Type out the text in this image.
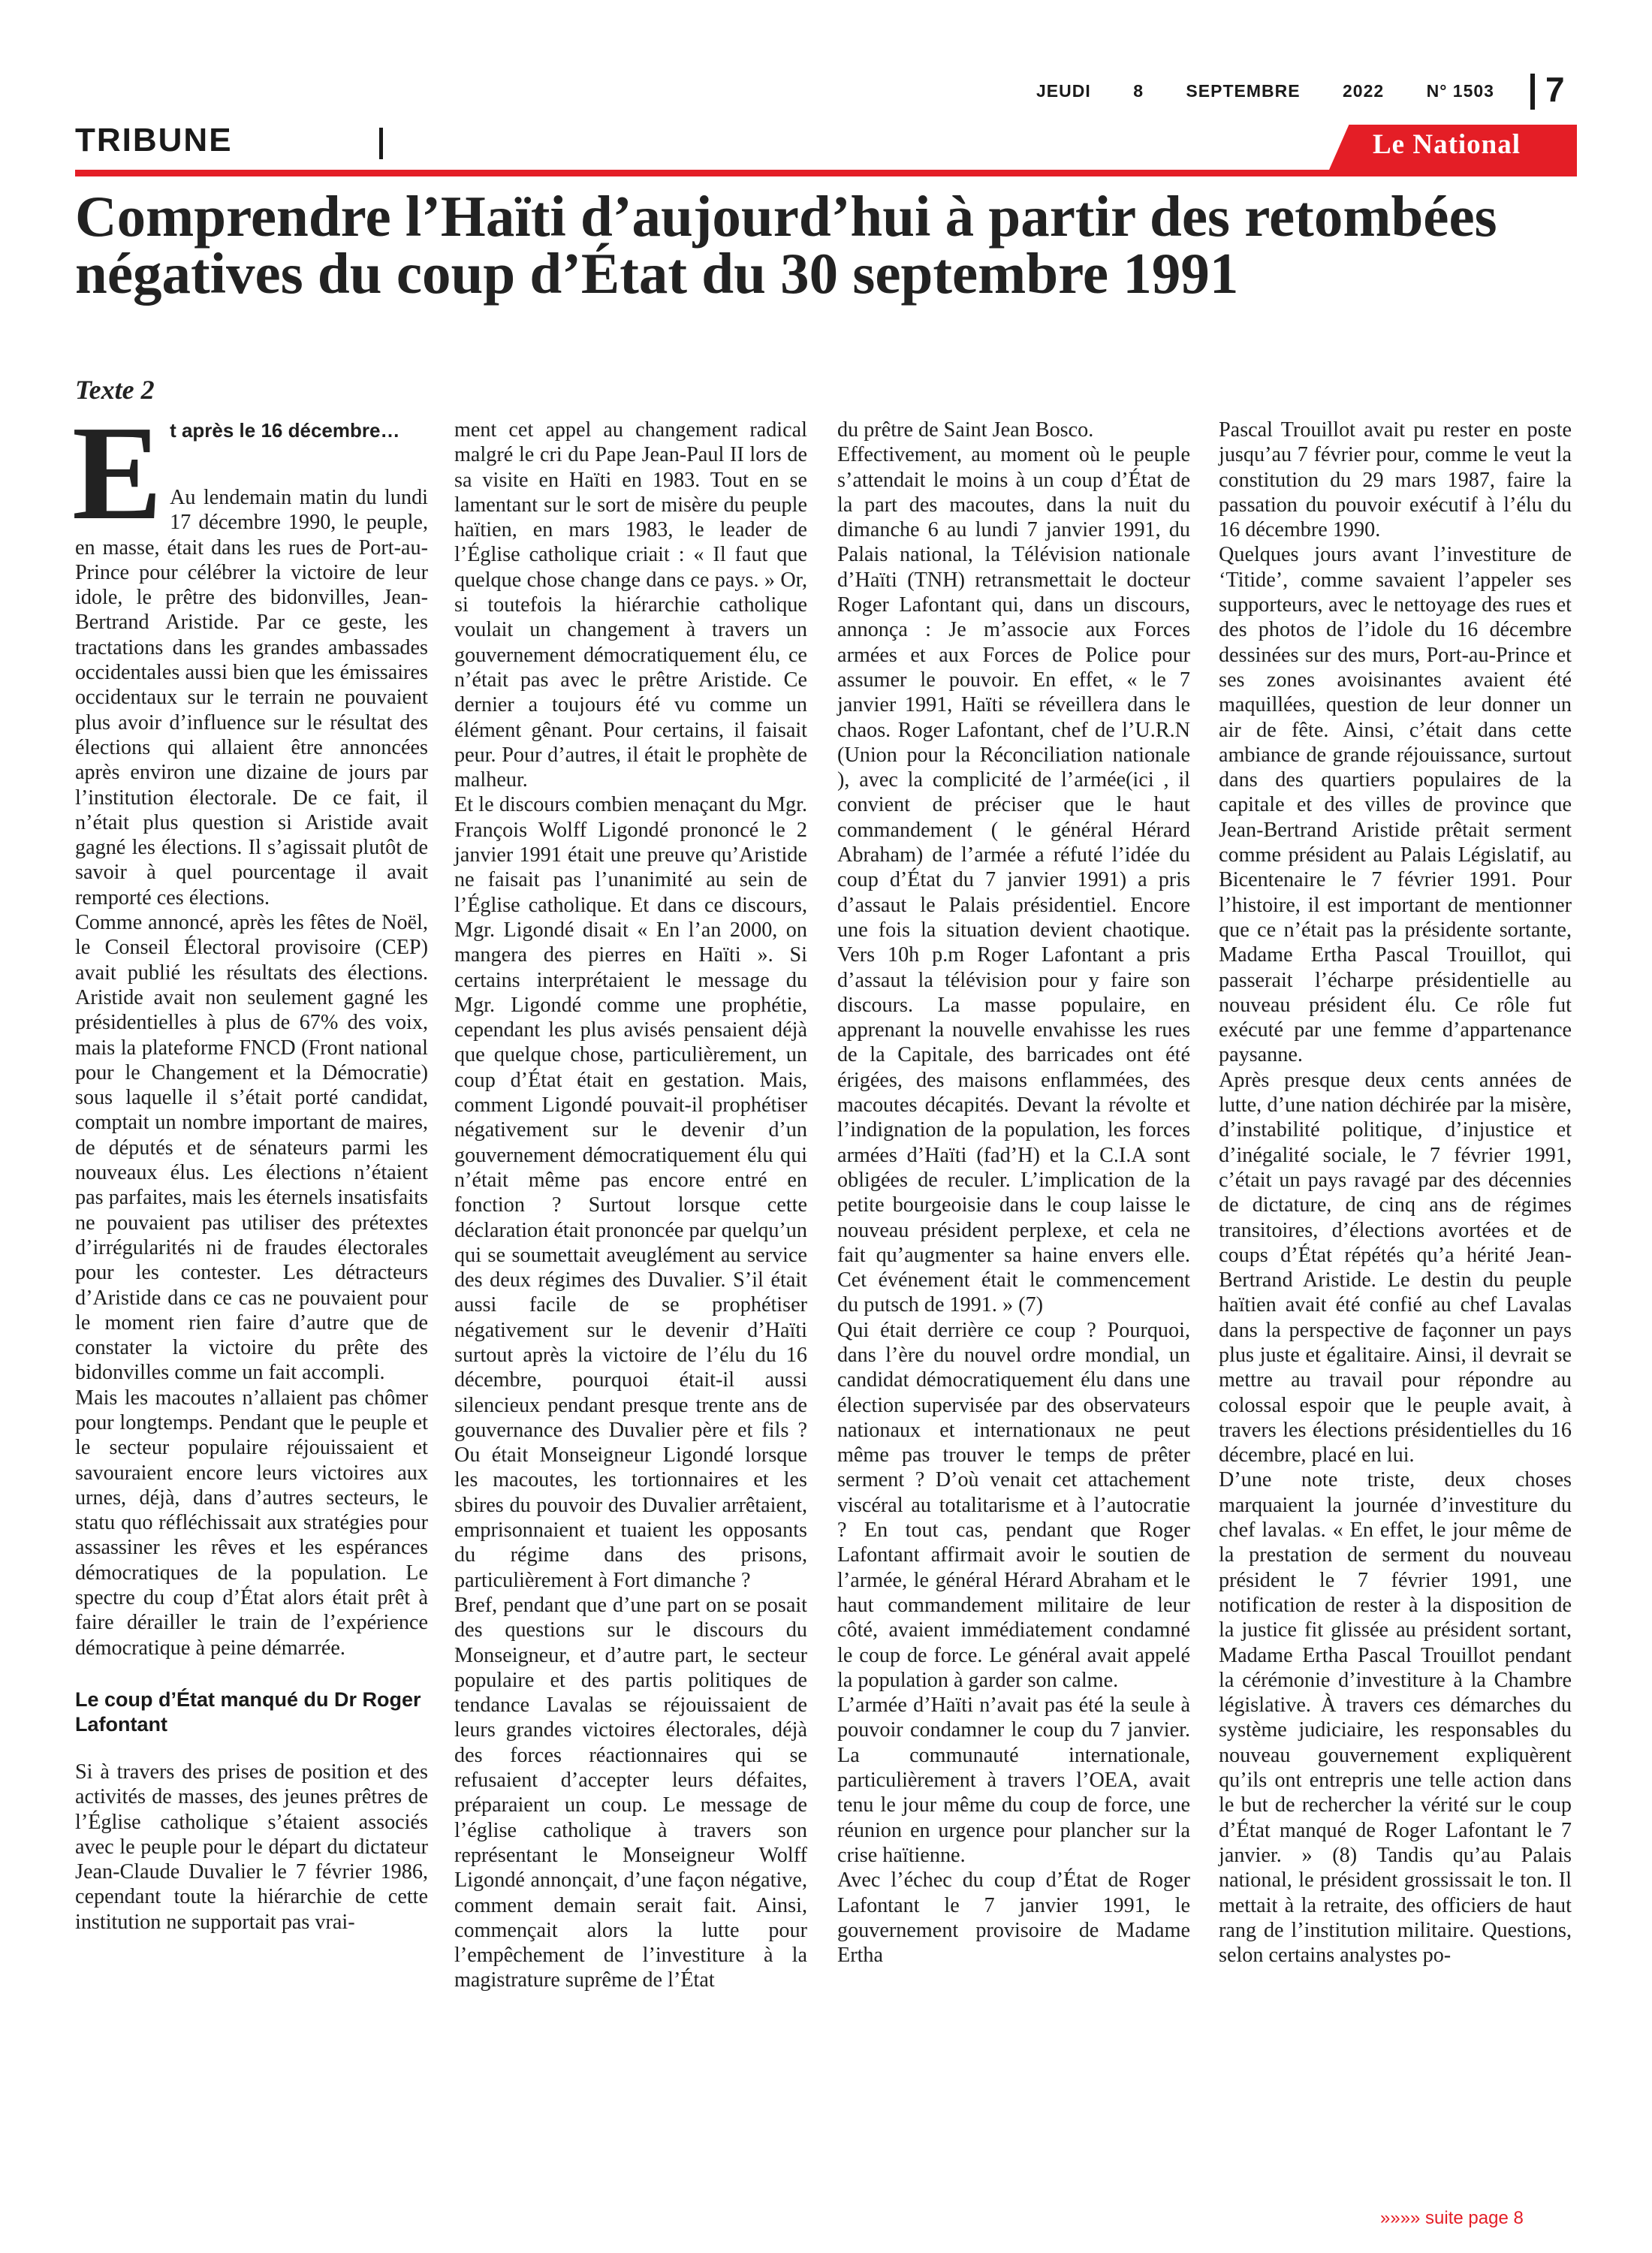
JEUDI 8 SEPTEMBRE 2022 N° 1503 7
TRIBUNE	Le National
Comprendre l’Haïti d’aujourd’hui à partir des retombées négatives du coup d’État du 30 septembre 1991
Texte 2
E t après le 16 décembre…

Au lendemain matin du lundi 17 décembre 1990, le peuple, en masse, était dans les rues de Port-au-Prince pour célébrer la victoire de leur idole, le prêtre des bidonvilles, Jean-Bertrand Aristide. Par ce geste, les tractations dans les grandes ambassades occidentales aussi bien que les émissaires occidentaux sur le terrain ne pouvaient plus avoir d’influence sur le résultat des élections qui allaient être annoncées après environ une dizaine de jours par l’institution électorale. De ce fait, il n’était plus question si Aristide avait gagné les élections. Il s’agissait plutôt de savoir à quel pourcentage il avait remporté ces élections.

Comme annoncé, après les fêtes de Noël, le Conseil Électoral provisoire (CEP) avait publié les résultats des élections. Aristide avait non seulement gagné les présidentielles à plus de 67% des voix, mais la plateforme FNCD (Front national pour le Changement et la Démocratie) sous laquelle il s’était porté candidat, comptait un nombre important de maires, de députés et de sénateurs parmi les nouveaux élus. Les élections n’étaient pas parfaites, mais les éternels insatisfaits ne pouvaient pas utiliser des prétextes d’irrégularités ni de fraudes électorales pour les contester. Les détracteurs d’Aristide dans ce cas ne pouvaient pour le moment rien faire d’autre que de constater la victoire du prête des bidonvilles comme un fait accompli.

Mais les macoutes n’allaient pas chômer pour longtemps. Pendant que le peuple et le secteur populaire réjouissaient et savouraient encore leurs victoires aux urnes, déjà, dans d’autres secteurs, le statu quo réfléchissait aux stratégies pour assassiner les rêves et les espérances démocratiques de la population. Le spectre du coup d’État alors était prêt à faire dérailler le train de l’expérience démocratique à peine démarrée.

Le coup d’État manqué du Dr Roger Lafontant

Si à travers des prises de position et des activités de masses, des jeunes prêtres de l’Église catholique s’étaient associés avec le peuple pour le départ du dictateur Jean-Claude Duvalier le 7 février 1986, cependant toute la hiérarchie de cette institution ne supportait pas vrai-

ment cet appel au changement radical malgré le cri du Pape Jean-Paul II lors de sa visite en Haïti en 1983. Tout en se lamentant sur le sort de misère du peuple haïtien, en mars 1983, le leader de l’Église catholique criait : « Il faut que quelque chose change dans ce pays. » Or, si toutefois la hiérarchie catholique voulait un changement à travers un gouvernement démocratiquement élu, ce n’était pas avec le prêtre Aristide. Ce dernier a toujours été vu comme un élément gênant. Pour certains, il faisait peur. Pour d’autres, il était le prophète de malheur.

Et le discours combien menaçant du Mgr. François Wolff Ligondé prononcé le 2 janvier 1991 était une preuve qu’Aristide ne faisait pas l’unanimité au sein de l’Église catholique. Et dans ce discours, Mgr. Ligondé disait « En l’an 2000, on mangera des pierres en Haïti ». Si certains interprétaient le message du Mgr. Ligondé comme une prophétie, cependant les plus avisés pensaient déjà que quelque chose, particulièrement, un coup d’État était en gestation. Mais, comment Ligondé pouvait-il prophétiser négativement sur le devenir d’un gouvernement démocratiquement élu qui n’était même pas encore entré en fonction ? Surtout lorsque cette déclaration était prononcée par quelqu’un qui se soumettait aveuglément au service des deux régimes des Duvalier. S’il était aussi facile de se prophétiser négativement sur le devenir d’Haïti surtout après la victoire de l’élu du 16 décembre, pourquoi était-il aussi silencieux pendant presque trente ans de gouvernance des Duvalier père et fils ? Ou était Monseigneur Ligondé lorsque les macoutes, les tortionnaires et les sbires du pouvoir des Duvalier arrêtaient, emprisonnaient et tuaient les opposants du régime dans des prisons, particulièrement à Fort dimanche ?

Bref, pendant que d’une part on se posait des questions sur le discours du Monseigneur, et d’autre part, le secteur populaire et des partis politiques de tendance Lavalas se réjouissaient de leurs grandes victoires électorales, déjà des forces réactionnaires qui se refusaient d’accepter leurs défaites, préparaient un coup. Le message de l’église catholique à travers son représentant le Monseigneur Wolff Ligondé annonçait, d’une façon négative, comment demain serait fait. Ainsi, commençait alors la lutte pour l’empêchement de l’investiture à la magistrature suprême de l’État

du prêtre de Saint Jean Bosco.

Effectivement, au moment où le peuple s’attendait le moins à un coup d’État de la part des macoutes, dans la nuit du dimanche 6 au lundi 7 janvier 1991, du Palais national, la Télévision nationale d’Haïti (TNH) retransmettait le docteur Roger Lafontant qui, dans un discours, annonça : Je m’associe aux Forces armées et aux Forces de Police pour assumer le pouvoir. En effet, « le 7 janvier 1991, Haïti se réveillera dans le chaos. Roger Lafontant, chef de l’U.R.N (Union pour la Réconciliation nationale ), avec la complicité de l’armée(ici , il convient de préciser que le haut commandement ( le général Hérard Abraham) de l’armée a réfuté l’idée du coup d’État du 7 janvier 1991) a pris d’assaut le Palais présidentiel. Encore une fois la situation devient chaotique. Vers 10h p.m Roger Lafontant a pris d’assaut la télévision pour y faire son discours. La masse populaire, en apprenant la nouvelle envahisse les rues de la Capitale, des barricades ont été érigées, des maisons enflammées, des macoutes décapités. Devant la révolte et l’indignation de la population, les forces armées d’Haïti (fad’H) et la C.I.A sont obligées de reculer. L’implication de la petite bourgeoisie dans le coup laisse le nouveau président perplexe, et cela ne fait qu’augmenter sa haine envers elle. Cet événement était le commencement du putsch de 1991. » (7)

Qui était derrière ce coup ? Pourquoi, dans l’ère du nouvel ordre mondial, un candidat démocratiquement élu dans une élection supervisée par des observateurs nationaux et internationaux ne peut même pas trouver le temps de prêter serment ? D’où venait cet attachement viscéral au totalitarisme et à l’autocratie ? En tout cas, pendant que Roger Lafontant affirmait avoir le soutien de l’armée, le général Hérard Abraham et le haut commandement militaire de leur côté, avaient immédiatement condamné le coup de force. Le général avait appelé la population à garder son calme.

L’armée d’Haïti n’avait pas été la seule à pouvoir condamner le coup du 7 janvier. La communauté internationale, particulièrement à travers l’OEA, avait tenu le jour même du coup de force, une réunion en urgence pour plancher sur la crise haïtienne.

Avec l’échec du coup d’État de Roger Lafontant le 7 janvier 1991, le gouvernement provisoire de Madame Ertha

Pascal Trouillot avait pu rester en poste jusqu’au 7 février pour, comme le veut la constitution du 29 mars 1987, faire la passation du pouvoir exécutif à l’élu du 16 décembre 1990.

Quelques jours avant l’investiture de ‘Titide’, comme savaient l’appeler ses supporteurs, avec le nettoyage des rues et des photos de l’idole du 16 décembre dessinées sur des murs, Port-au-Prince et ses zones avoisinantes avaient été maquillées, question de leur donner un air de fête. Ainsi, c’était dans cette ambiance de grande réjouissance, surtout dans des quartiers populaires de la capitale et des villes de province que Jean-Bertrand Aristide prêtait serment comme président au Palais Législatif, au Bicentenaire le 7 février 1991. Pour l’histoire, il est important de mentionner que ce n’était pas la présidente sortante, Madame Ertha Pascal Trouillot, qui passerait l’écharpe présidentielle au nouveau président élu. Ce rôle fut exécuté par une femme d’appartenance paysanne.

Après presque deux cents années de lutte, d’une nation déchirée par la misère, d’instabilité politique, d’injustice et d’inégalité sociale, le 7 février 1991, c’était un pays ravagé par des décennies de dictature, de cinq ans de régimes transitoires, d’élections avortées et de coups d’État répétés qu’a hérité Jean-Bertrand Aristide. Le destin du peuple haïtien avait été confié au chef Lavalas dans la perspective de façonner un pays plus juste et égalitaire. Ainsi, il devrait se mettre au travail pour répondre au colossal espoir que le peuple avait, à travers les élections présidentielles du 16 décembre, placé en lui.

D’une note triste, deux choses marquaient la journée d’investiture du chef lavalas. « En effet, le jour même de la prestation de serment du nouveau président le 7 février 1991, une notification de rester à la disposition de la justice fit glissée au président sortant, Madame Ertha Pascal Trouillot pendant la cérémonie d’investiture à la Chambre législative. À travers ces démarches du système judiciaire, les responsables du nouveau gouvernement expliquèrent qu’ils ont entrepris une telle action dans le but de rechercher la vérité sur le coup d’État manqué de Roger Lafontant le 7 janvier. » (8) Tandis qu’au Palais national, le président grossissait le ton. Il mettait à la retraite, des officiers de haut rang de l’institution militaire. Questions, selon certains analystes po-

»»»» suite page 8
